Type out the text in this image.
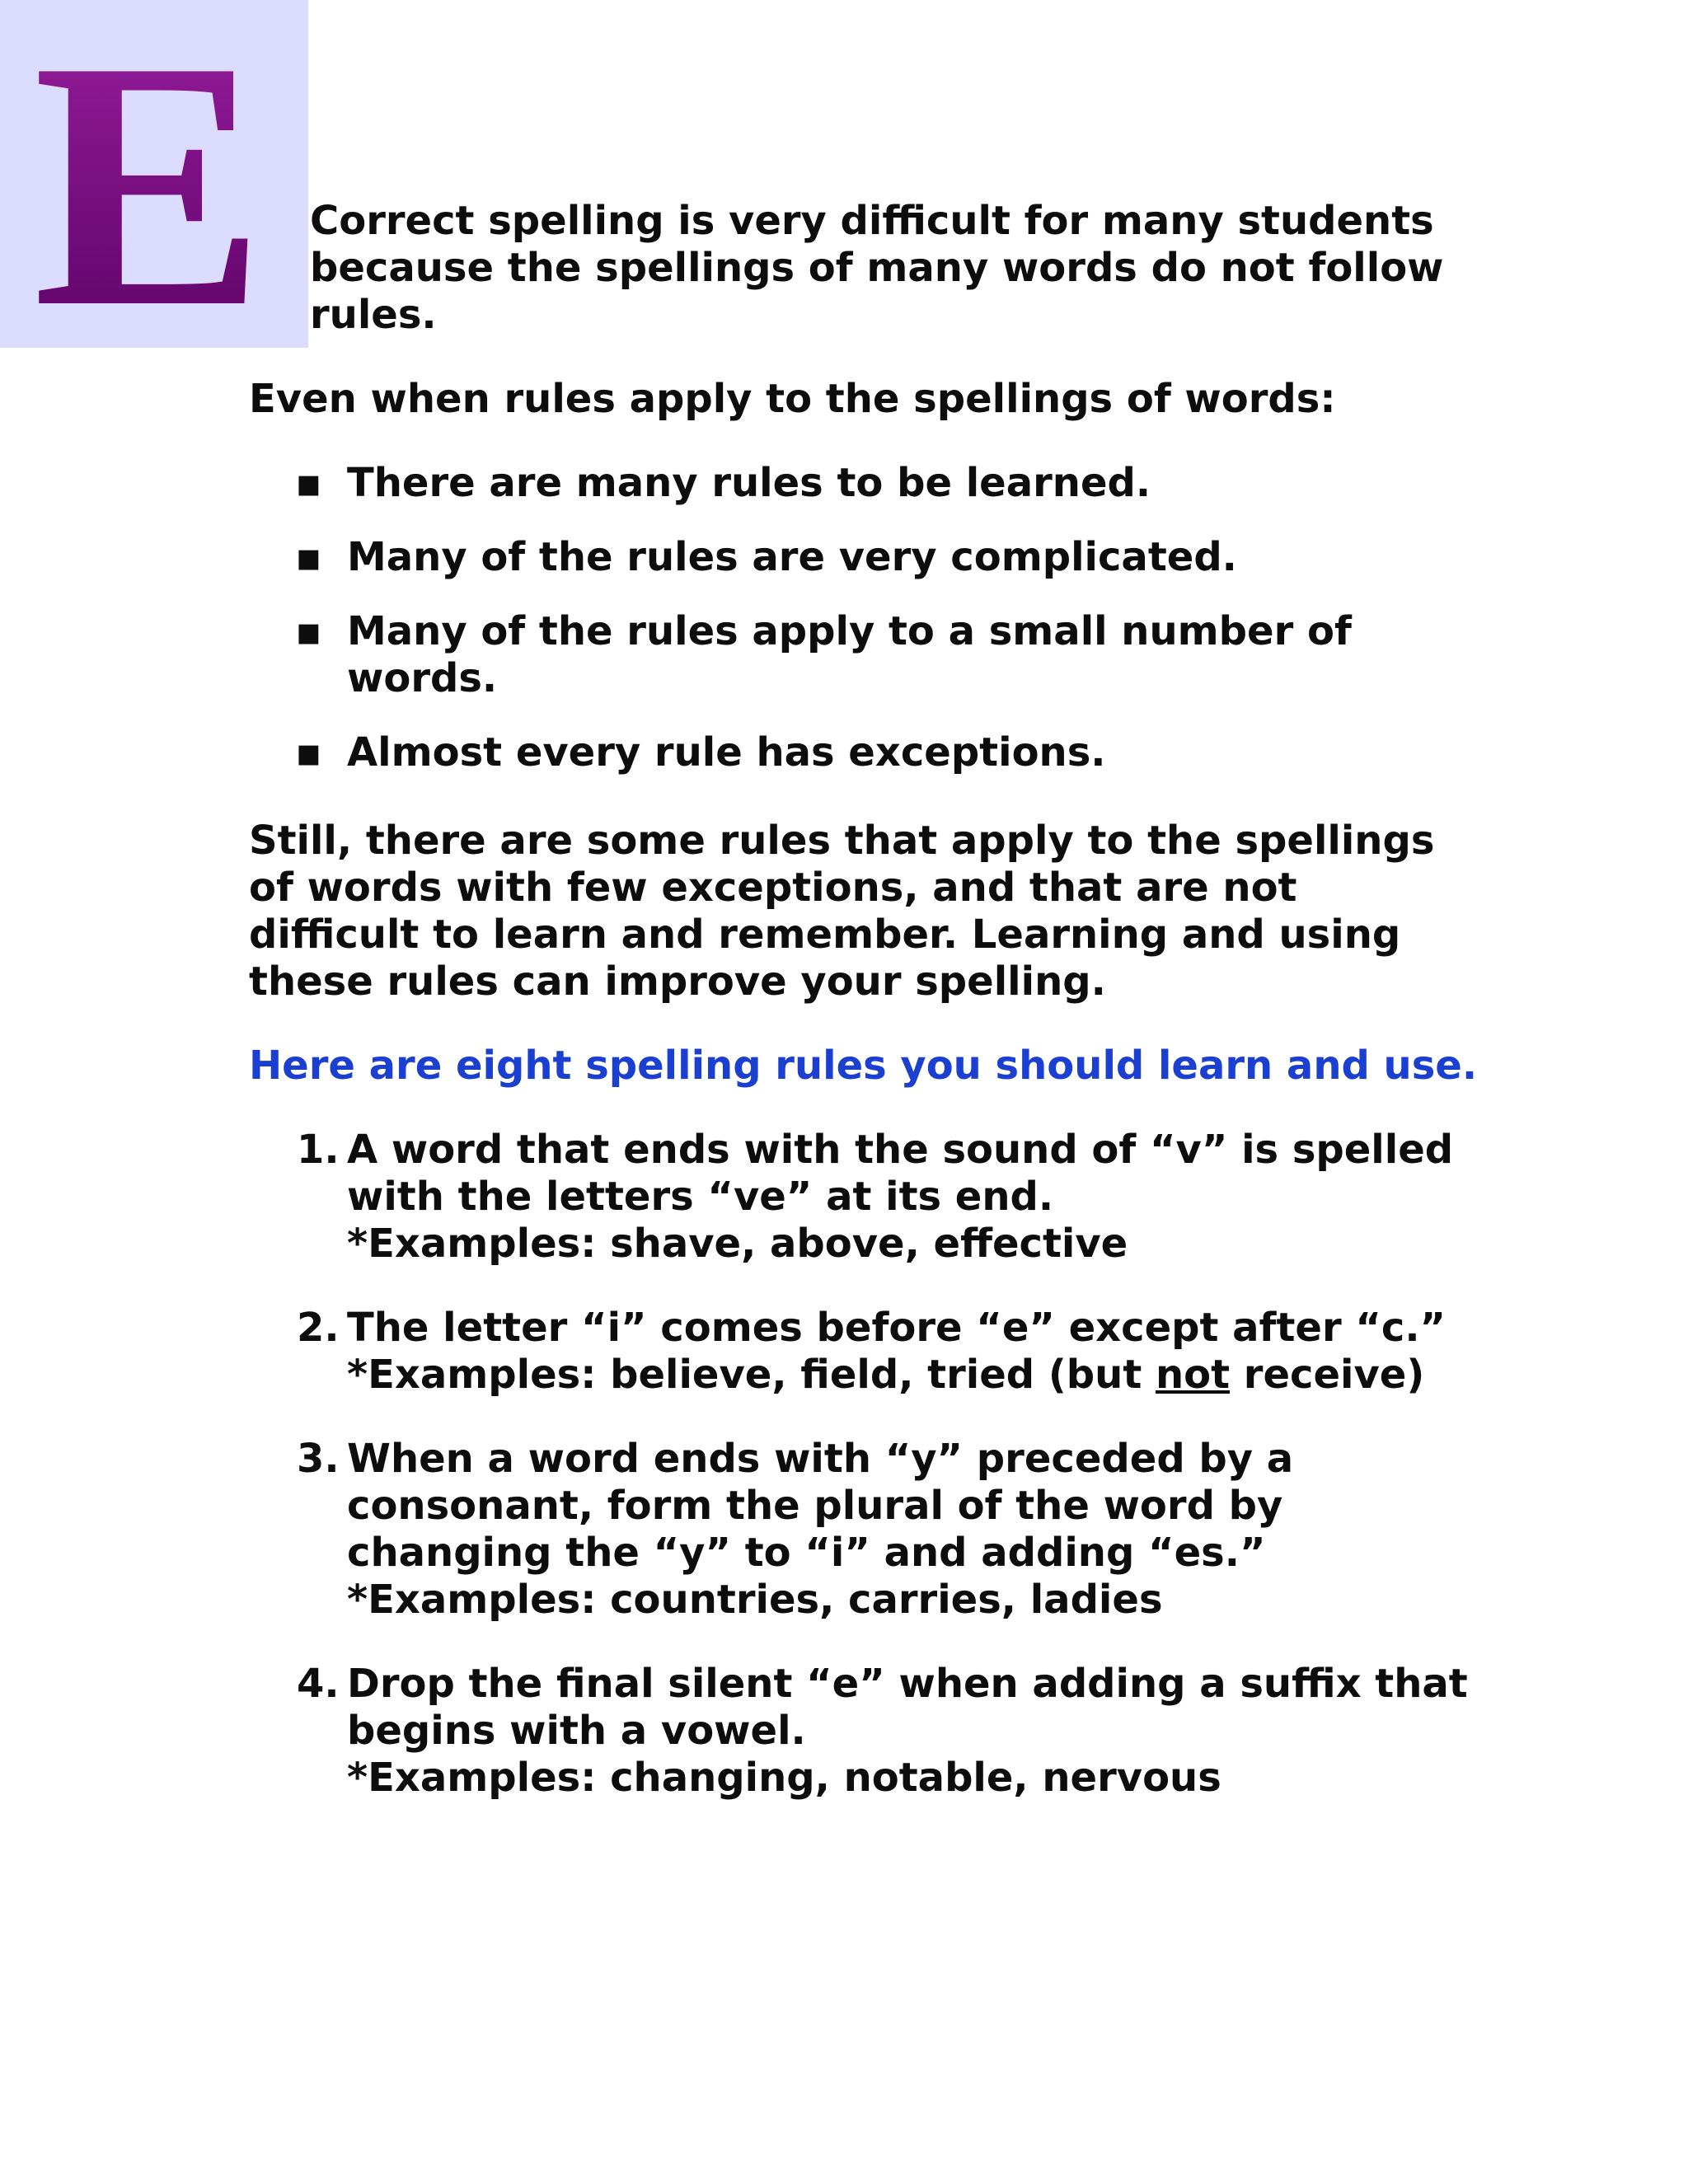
E Correct spelling is very difficult for many students
because the spellings of many words do not follow
rules.
Even when rules apply to the spellings of words:
▪ There are many rules to be learned.
▪ Many of the rules are very complicated.
▪ Many of the rules apply to a small number of
words.
▪ Almost every rule has exceptions.
Still, there are some rules that apply to the spellings
of words with few exceptions, and that are not
difficult to learn and remember. Learning and using
these rules can improve your spelling.
Here are eight spelling rules you should learn and use.
1. A word that ends with the sound of “v” is spelled
with the letters “ve” at its end.
*Examples: shave, above, effective
2. The letter “i” comes before “e” except after “c.”
*Examples: believe, field, tried (but not receive)
3. When a word ends with “y” preceded by a
consonant, form the plural of the word by
changing the “y” to “i” and adding “es.”
*Examples: countries, carries, ladies
4. Drop the final silent “e” when adding a suffix that
begins with a vowel.
*Examples: changing, notable, nervous
